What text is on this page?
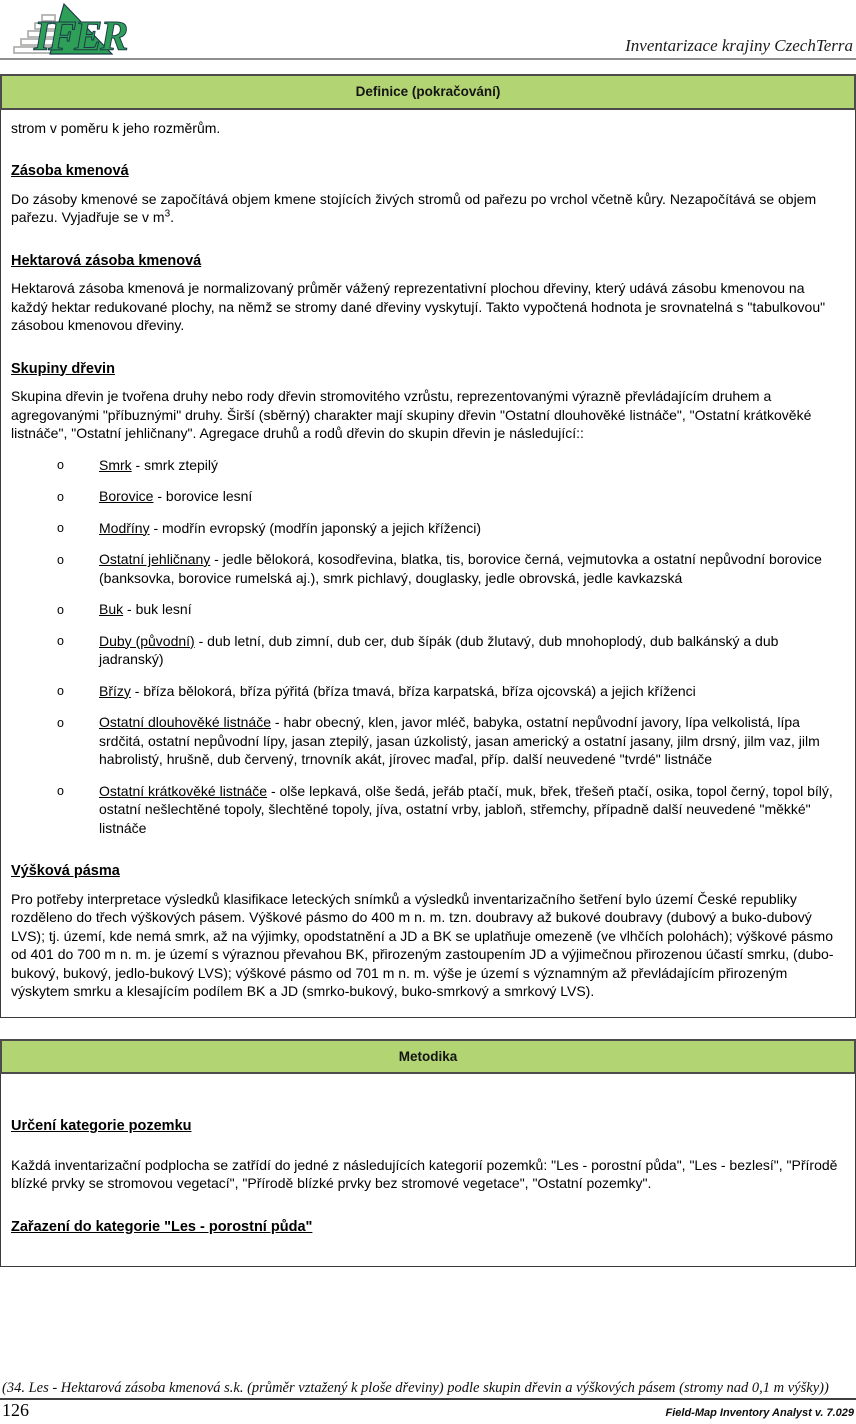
IFER	Inventarizace krajiny CzechTerra
Definice (pokračování)

strom v poměru k jeho rozměrům.

Zásoba kmenová

Do zásoby kmenové se započítává objem kmene stojících živých stromů od pařezu po vrchol včetně kůry. Nezapočítává se objem pařezu. Vyjadřuje se v $m^3$.

Hektarová zásoba kmenová

Hektarová zásoba kmenová je normalizovaný průměr vážený reprezentativní plochou dřeviny, který udává zásobu kmenovou na každý hektar redukované plochy, na němž se stromy dané dřeviny vyskytují. Takto vypočtená hodnota je srovnatelná s "tabulkovou" zásobou kmenovou dřeviny.

Skupiny dřevin

Skupina dřevin je tvořena druhy nebo rody dřevin stromovitého vzrůstu, reprezentovanými výrazně převládajícím druhem a agregovanými "příbuznými" druhy. Širší (sběrný) charakter mají skupiny dřevin "Ostatní dlouhověké listnáče", "Ostatní krátkověké listnáče", "Ostatní jehličnany". Agregace druhů a rodů dřevin do skupin dřevin je následující::

o	Smrk - smrk ztepilý
o	Borovice - borovice lesní
o	Modříny - modřín evropský (modřín japonský a jejich kříženci)
o	Ostatní jehličnany - jedle bělokorá, kosodřevina, blatka, tis, borovice černá, vejmutovka a ostatní nepůvodní borovice (banksovka, borovice rumelská aj.), smrk pichlavý, douglasky, jedle obrovská, jedle kavkazská
o	Buk - buk lesní
o	Duby (původní) - dub letní, dub zimní, dub cer, dub šípák (dub žlutavý, dub mnohoplodý, dub balkánský a dub jadranský)
o	Břízy - bříza bělokorá, bříza pýřitá (bříza tmavá, bříza karpatská, bříza ojcovská) a jejich kříženci
o	Ostatní dlouhověké listnáče - habr obecný, klen, javor mléč, babyka, ostatní nepůvodní javory, lípa velkolistá, lípa srdčitá, ostatní nepůvodní lípy, jasan ztepilý, jasan úzkolistý, jasan americký a ostatní jasany, jilm drsný, jilm vaz, jilm habrolistý, hrušně, dub červený, trnovník akát, jírovec maďal, příp. další neuvedené "tvrdé" listnáče
o	Ostatní krátkověké listnáče - olše lepkavá, olše šedá, jeřáb ptačí, muk, břek, třešeň ptačí, osika, topol černý, topol bílý, ostatní nešlechtěné topoly, šlechtěné topoly, jíva, ostatní vrby, jabloň, střemchy, případně další neuvedené "měkké" listnáče
Výšková pásma

Pro potřeby interpretace výsledků klasifikace leteckých snímků a výsledků inventarizačního šetření bylo území České republiky rozděleno do třech výškových pásem. Výškové pásmo do 400 m n. m. tzn. doubravy až bukové doubravy (dubový a buko-dubový LVS); tj. území, kde nemá smrk, až na výjimky, opodstatnění a JD a BK se uplatňuje omezeně (ve vlhčích polohách); výškové pásmo od 401 do 700 m n. m. je území s výraznou převahou BK, přirozeným zastoupením JD a výjimečnou přirozenou účastí smrku, (dubo-bukový, bukový, jedlo-bukový LVS); výškové pásmo od 701 m n. m. výše je území s významným až převládajícím přirozeným výskytem smrku a klesajícím podílem BK a JD (smrko-bukový, buko-smrkový a smrkový LVS).

Metodika
Určení kategorie pozemku

Každá inventarizační podplocha se zatřídí do jedné z následujících kategorií pozemků: "Les - porostní půda", "Les - bezlesí", "Přírodě blízké prvky se stromovou vegetací", "Přírodě blízké prvky bez stromové vegetace", "Ostatní pozemky".

Zařazení do kategorie "Les - porostní půda"
(34. Les - Hektarová zásoba kmenová s.k. (průměr vztažený k ploše dřeviny) podle skupin dřevin a výškových pásem (stromy nad 0,1 m výšky))
126	Field-Map Inventory Analyst v. 7.029
